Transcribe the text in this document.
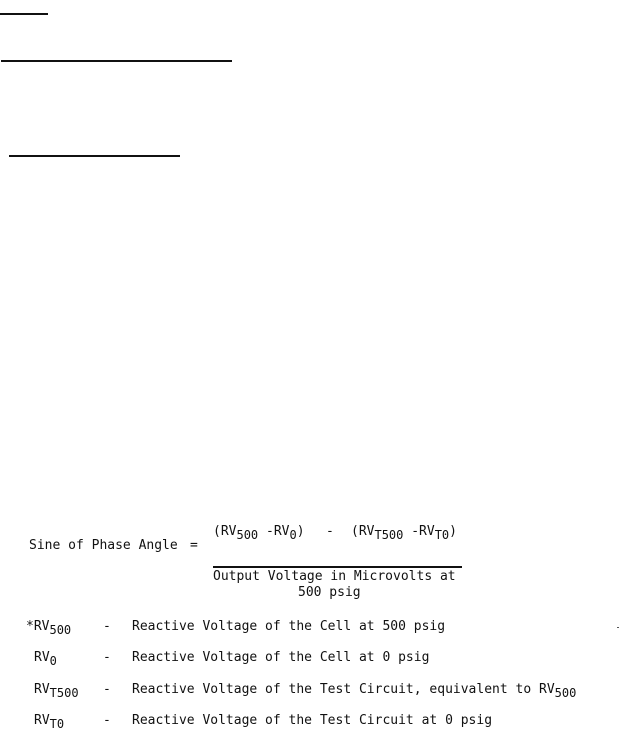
Sine of Phase Angle =
($RV_{500}$ $-RV_0) - (RV_{T500}$ $-RV_{T0}$)
Output Voltage in Microvolts at
500 psig
$*RV_{500}$ - Reactive Voltage of the Cell at 500 psig
$RV_0$	- Reactive Voltage of the Cell at 0 psig
$RV_{T500}$ - Reactive Voltage of the Test Circuit, equivalent to $RV_{500}$
$RV_{T0}$	- Reactive Voltage of the Test Circuit at 0 psig
